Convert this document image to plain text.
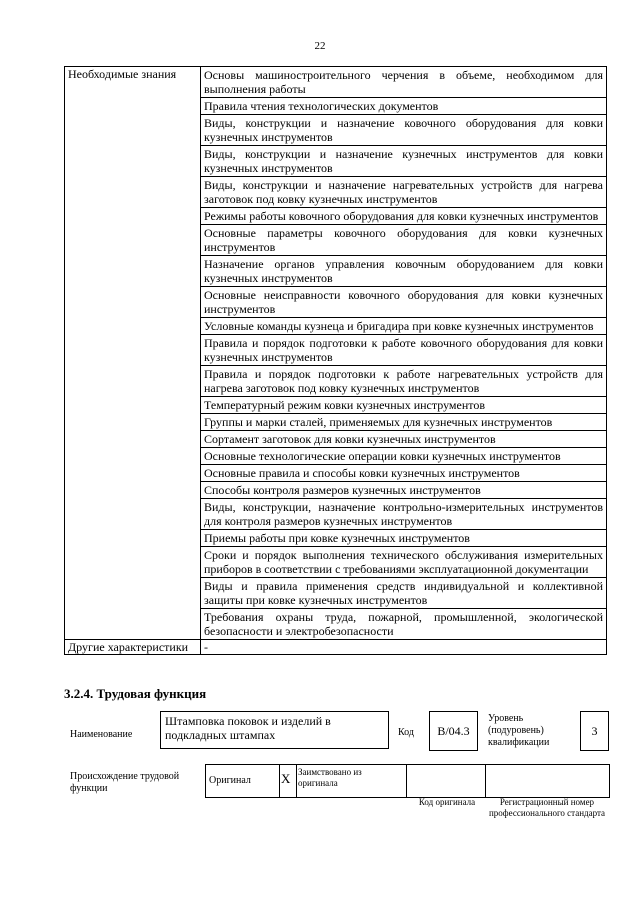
22
Необходимые знания	Основы машиностроительного черчения в объеме, необходимом для выполнения работы

	Правила чтения технологических документов

	Виды, конструкции и назначение ковочного оборудования для ковки кузнечных инструментов

	Виды, конструкции и назначение кузнечных инструментов для ковки кузнечных инструментов

	Виды, конструкции и назначение нагревательных устройств для нагрева заготовок под ковку кузнечных инструментов

	Режимы работы ковочного оборудования для ковки кузнечных инструментов

	Основные параметры ковочного оборудования для ковки кузнечных инструментов

	Назначение органов управления ковочным оборудованием для ковки кузнечных инструментов

	Основные неисправности ковочного оборудования для ковки кузнечных инструментов

	Условные команды кузнеца и бригадира при ковке кузнечных инструментов

	Правила и порядок подготовки к работе ковочного оборудования для ковки кузнечных инструментов

	Правила и порядок подготовки к работе нагревательных устройств для нагрева заготовок под ковку кузнечных инструментов

	Температурный режим ковки кузнечных инструментов

	Группы и марки сталей, применяемых для кузнечных инструментов

	Сортамент заготовок для ковки кузнечных инструментов

	Основные технологические операции ковки кузнечных инструментов

	Основные правила и способы ковки кузнечных инструментов

	Способы контроля размеров кузнечных инструментов

	Виды, конструкции, назначение контрольно-измерительных инструментов для контроля размеров кузнечных инструментов

	Приемы работы при ковке кузнечных инструментов

	Сроки и порядок выполнения технического обслуживания измерительных приборов в соответствии с требованиями эксплуатационной документации

	Виды и правила применения средств индивидуальной и коллективной защиты при ковке кузнечных инструментов

	Требования охраны труда, пожарной, промышленной, экологической безопасности и электробезопасности

Другие характеристики	-
3.2.4. Трудовая функция
Наименование
Штамповка поковок и изделий в подкладных штампах	Код	B/04.3
Уровень (подуровень) квалификации
3
Происхождение трудовой функции
Оригинал X Заимствовано из оригинала
Код оригинала	Регистрационный номер профессионального стандарта
